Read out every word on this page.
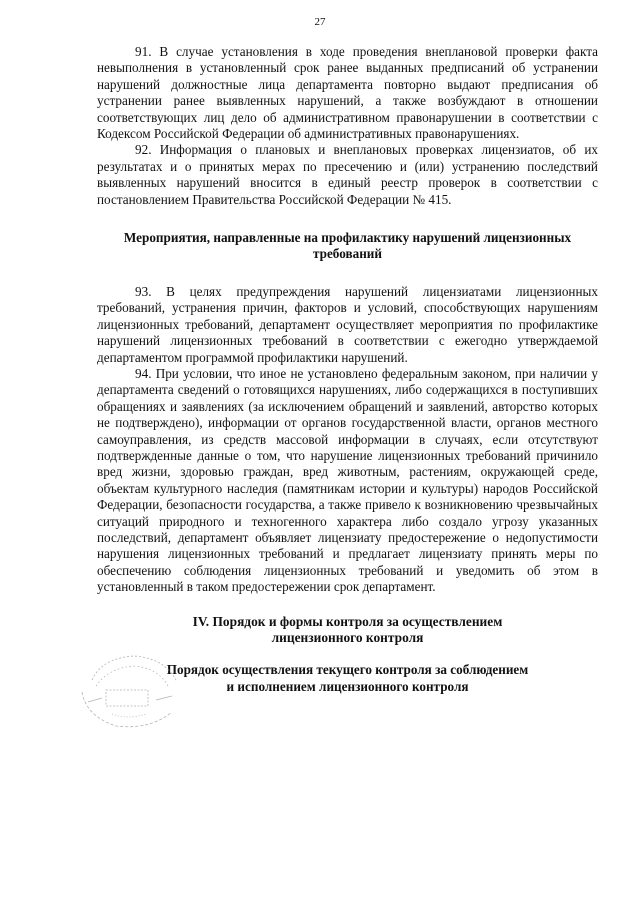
27

91. В случае установления в ходе проведения внеплановой проверки факта невыполнения в установленный срок ранее выданных предписаний об устранении нарушений должностные лица департамента повторно выдают предписания об устранении ранее выявленных нарушений, а также возбуждают в отношении соответствующих лиц дело об административном правонарушении в соответствии с Кодексом Российской Федерации об административных правонарушениях.

92. Информация о плановых и внеплановых проверках лицензиатов, об их результатах и о принятых мерах по пресечению и (или) устранению последствий выявленных нарушений вносится в единый реестр проверок в соответствии с постановлением Правительства Российской Федерации № 415.

Мероприятия, направленные на профилактику нарушений лицензионных требований

93. В целях предупреждения нарушений лицензиатами лицензионных требований, устранения причин, факторов и условий, способствующих нарушениям лицензионных требований, департамент осуществляет мероприятия по профилактике нарушений лицензионных требований в соответствии с ежегодно утверждаемой департаментом программой профилактики нарушений.

94. При условии, что иное не установлено федеральным законом, при наличии у департамента сведений о готовящихся нарушениях, либо содержащихся в поступивших обращениях и заявлениях (за исключением обращений и заявлений, авторство которых не подтверждено), информации от органов государственной власти, органов местного самоуправления, из средств массовой информации в случаях, если отсутствуют подтвержденные данные о том, что нарушение лицензионных требований причинило вред жизни, здоровью граждан, вред животным, растениям, окружающей среде, объектам культурного наследия (памятникам истории и культуры) народов Российской Федерации, безопасности государства, а также привело к возникновению чрезвычайных ситуаций природного и техногенного характера либо создало угрозу указанных последствий, департамент объявляет лицензиату предостережение о недопустимости нарушения лицензионных требований и предлагает лицензиату принять меры по обеспечению соблюдения лицензионных требований и уведомить об этом в установленный в таком предостережении срок департамент.

IV. Порядок и формы контроля за осуществлением
лицензионного контроля
Порядок осуществления текущего контроля за соблюдением
и исполнением лицензионного контроля
